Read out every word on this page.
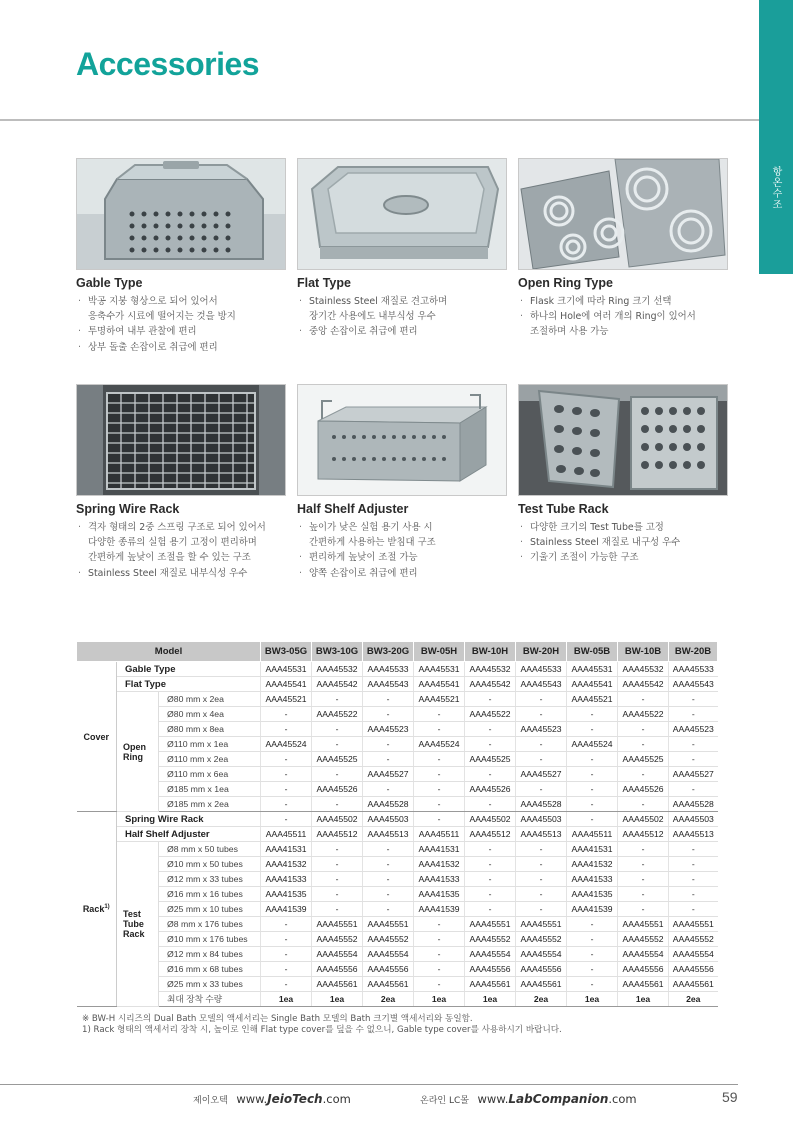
Accessories
항온수조
Gable Type
· 박공 지붕 형상으로 되어 있어서
응축수가 시료에 떨어지는 것을 방지
· 투명하여 내부 관찰에 편리
· 상부 돌출 손잡이로 취급에 편리
Flat Type
· Stainless Steel 재질로 견고하며
장기간 사용에도 내부식성 우수
· 중앙 손잡이로 취급에 편리
Open Ring Type
· Flask 크기에 따라 Ring 크기 선택
· 하나의 Hole에 여러 개의 Ring이 있어서
조절하며 사용 가능
Spring Wire Rack
· 격자 형태의 2중 스프링 구조로 되어 있어서
다양한 종류의 실험 용기 고정이 편리하며
간편하게 높낮이 조절을 할 수 있는 구조
· Stainless Steel 재질로 내부식성 우수
Half Shelf Adjuster
· 높이가 낮은 실험 용기 사용 시
간편하게 사용하는 받침대 구조
· 편리하게 높낮이 조절 가능
· 양쪽 손잡이로 취급에 편리
Test Tube Rack
· 다양한 크기의 Test Tube를 고정
· Stainless Steel 재질로 내구성 우수
· 기울기 조절이 가능한 구조
Model			BW3-05G	BW3-10G	BW3-20G	BW-05H	BW-10H	BW-20H	BW-05B	BW-10B	BW-20B
Cover	Gable Type		AAA45531	AAA45532	AAA45533	AAA45531	AAA45532	AAA45533	AAA45531	AAA45532	AAA45533
	Flat Type		AAA45541	AAA45542	AAA45543	AAA45541	AAA45542	AAA45543	AAA45541	AAA45542	AAA45543
	Open
Ring	Ø80 mm x 2ea	AAA45521	-	-	AAA45521	-	-	AAA45521	-	-
		Ø80 mm x 4ea	-	AAA45522	-	-	AAA45522	-	-	AAA45522	-
		Ø80 mm x 8ea	-	-	AAA45523	-	-	AAA45523	-	-	AAA45523
		Ø110 mm x 1ea	AAA45524	-	-	AAA45524	-	-	AAA45524	-	-
		Ø110 mm x 2ea	-	AAA45525	-	-	AAA45525	-	-	AAA45525	-
		Ø110 mm x 6ea	-	-	AAA45527	-	-	AAA45527	-	-	AAA45527
		Ø185 mm x 1ea	-	AAA45526	-	-	AAA45526	-	-	AAA45526	-
		Ø185 mm x 2ea	-	-	AAA45528	-	-	AAA45528	-	-	AAA45528
Rack$^{1)}$	Spring Wire Rack		-	AAA45502	AAA45503	-	AAA45502	AAA45503	-	AAA45502	AAA45503
	Half Shelf Adjuster		AAA45511	AAA45512	AAA45513	AAA45511	AAA45512	AAA45513	AAA45511	AAA45512	AAA45513
	Test
Tube
Rack	Ø8 mm x 50 tubes	AAA41531	-	-	AAA41531	-	-	AAA41531	-	-
		Ø10 mm x 50 tubes	AAA41532	-	-	AAA41532	-	-	AAA41532	-	-
		Ø12 mm x 33 tubes	AAA41533	-	-	AAA41533	-	-	AAA41533	-	-
		Ø16 mm x 16 tubes	AAA41535	-	-	AAA41535	-	-	AAA41535	-	-
		Ø25 mm x 10 tubes	AAA41539	-	-	AAA41539	-	-	AAA41539	-	-
		Ø8 mm x 176 tubes	-	AAA45551	AAA45551	-	AAA45551	AAA45551	-	AAA45551	AAA45551
		Ø10 mm x 176 tubes	-	AAA45552	AAA45552	-	AAA45552	AAA45552	-	AAA45552	AAA45552
		Ø12 mm x 84 tubes	-	AAA45554	AAA45554	-	AAA45554	AAA45554	-	AAA45554	AAA45554
		Ø16 mm x 68 tubes	-	AAA45556	AAA45556	-	AAA45556	AAA45556	-	AAA45556	AAA45556
		Ø25 mm x 33 tubes	-	AAA45561	AAA45561	-	AAA45561	AAA45561	-	AAA45561	AAA45561
		최대 장착 수량	1ea	1ea	2ea	1ea	1ea	2ea	1ea	1ea	2ea
※ BW-H 시리즈의 Dual Bath 모델의 액세서리는 Single Bath 모델의 Bath 크기별 액세서리와 동일함.
1) Rack 형태의 액세서리 장착 시, 높이로 인해 Flat type cover를 덮을 수 없으니, Gable type cover를 사용하시기 바랍니다.
제이오텍 www.JeioTech.com	온라인 LC몰 www.LabCompanion.com	59
